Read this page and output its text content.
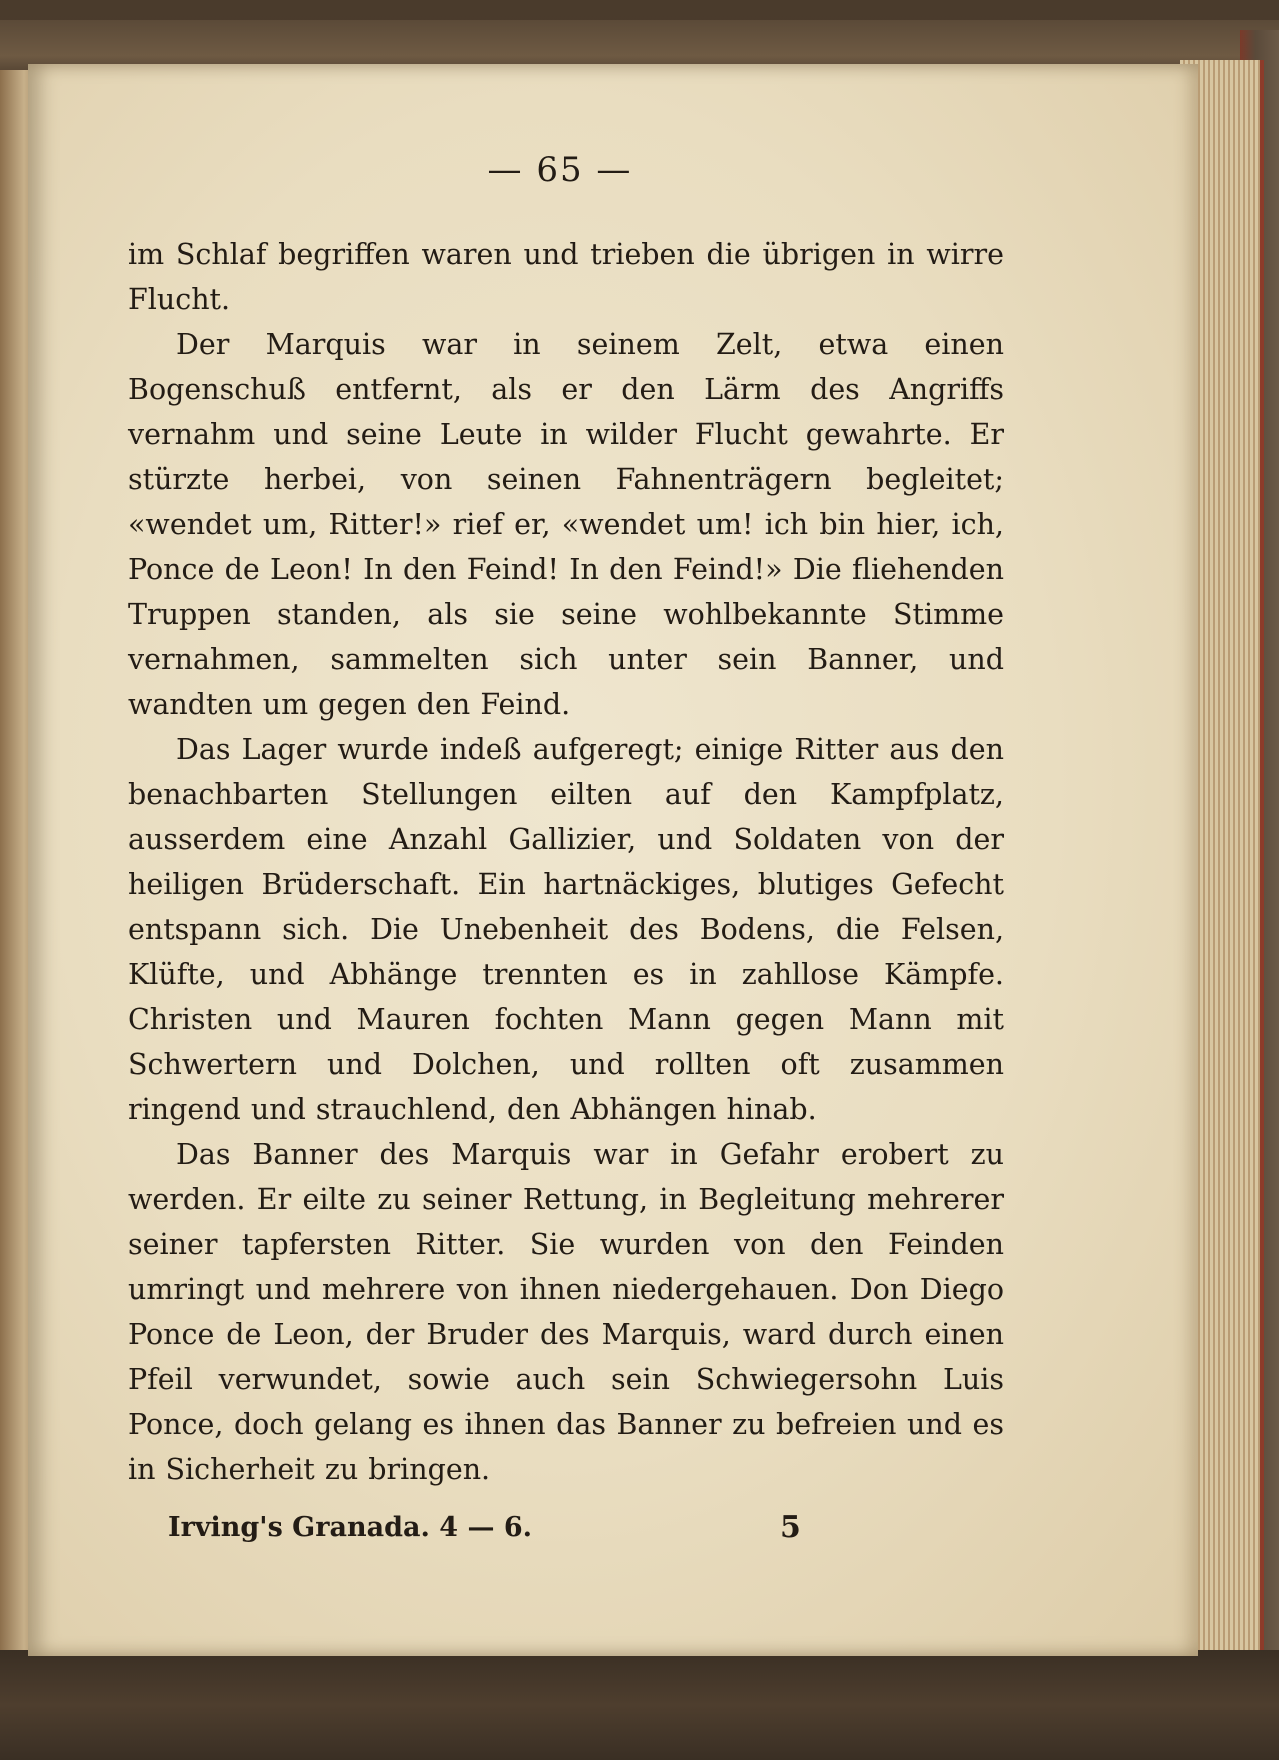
— 65 —

im Schlaf begriffen waren und trieben die übrigen in wirre Flucht.

Der Marquis war in seinem Zelt, etwa einen Bogenschuß entfernt, als er den Lärm des Angriffs vernahm und seine Leute in wilder Flucht gewahrte. Er stürzte herbei, von seinen Fahnenträgern begleitet; «wendet um, Ritter!» rief er, «wendet um! ich bin hier, ich, Ponce de Leon! In den Feind! In den Feind!» Die fliehenden Truppen standen, als sie seine wohlbekannte Stimme vernahmen, sammelten sich unter sein Banner, und wandten um gegen den Feind.

Das Lager wurde indeß aufgeregt; einige Ritter aus den benachbarten Stellungen eilten auf den Kampfplatz, ausserdem eine Anzahl Gallizier, und Soldaten von der heiligen Brüderschaft. Ein hartnäckiges, blutiges Gefecht entspann sich. Die Unebenheit des Bodens, die Felsen, Klüfte, und Abhänge trennten es in zahllose Kämpfe. Christen und Mauren fochten Mann gegen Mann mit Schwertern und Dolchen, und rollten oft zusammen ringend und strauchlend, den Abhängen hinab.

Das Banner des Marquis war in Gefahr erobert zu werden. Er eilte zu seiner Rettung, in Begleitung mehrerer seiner tapfersten Ritter. Sie wurden von den Feinden umringt und mehrere von ihnen niedergehauen. Don Diego Ponce de Leon, der Bruder des Marquis, ward durch einen Pfeil verwundet, sowie auch sein Schwiegersohn Luis Ponce, doch gelang es ihnen das Banner zu befreien und es in Sicherheit zu bringen.

Irving's Granada. 4 — 6.	5
